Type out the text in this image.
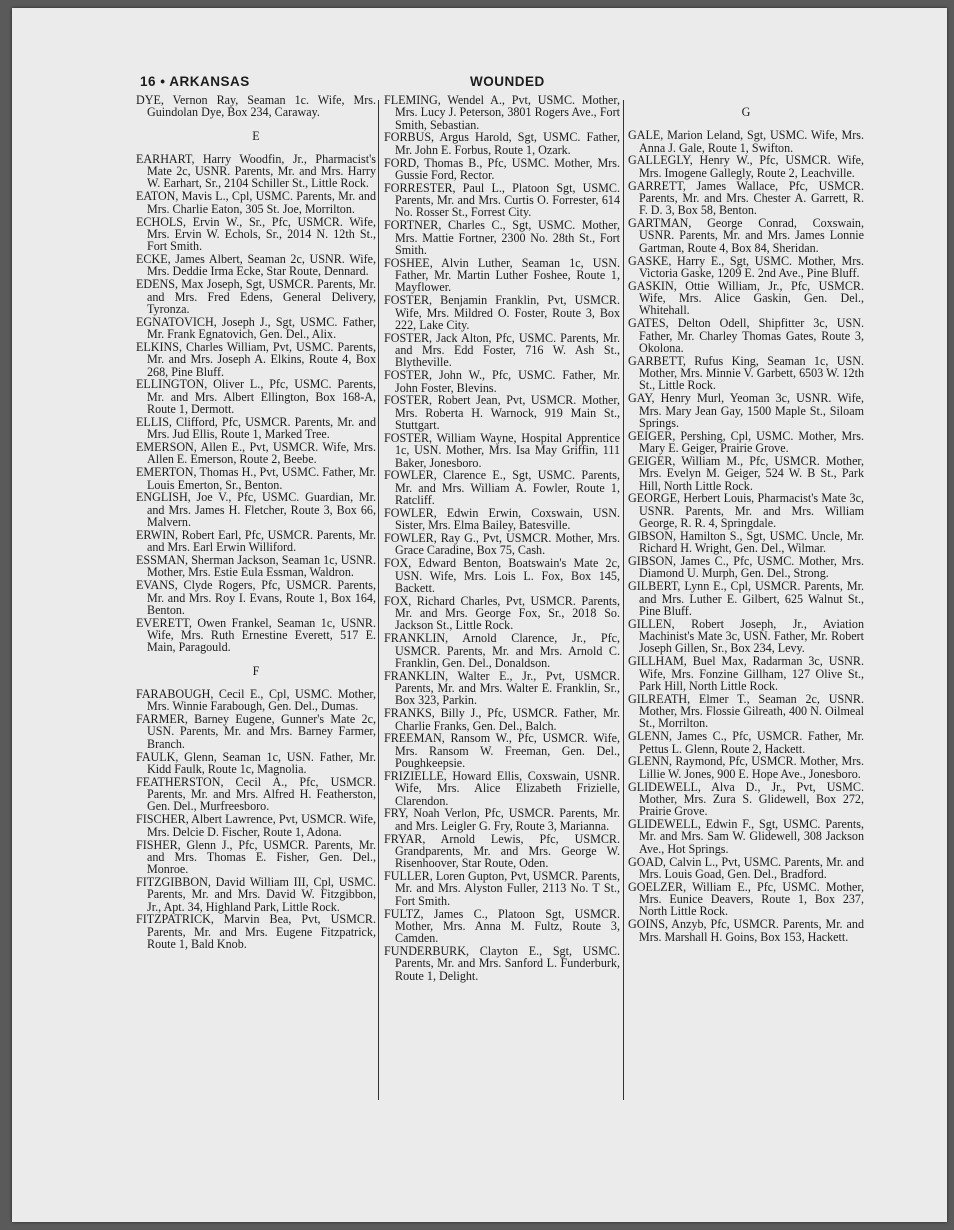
16 • ARKANSAS	WOUNDED
DYE, Vernon Ray, Seaman 1c. Wife, Mrs. Guindolan Dye, Box 234, Caraway.
E
EARHART, Harry Woodfin, Jr., Pharmacist's Mate 2c, USNR. Parents, Mr. and Mrs. Harry W. Earhart, Sr., 2104 Schiller St., Little Rock.
EATON, Mavis L., Cpl, USMC. Parents, Mr. and Mrs. Charlie Eaton, 305 St. Joe, Morrilton.
ECHOLS, Ervin W., Sr., Pfc, USMCR. Wife, Mrs. Ervin W. Echols, Sr., 2014 N. 12th St., Fort Smith.
ECKE, James Albert, Seaman 2c, USNR. Wife, Mrs. Deddie Irma Ecke, Star Route, Dennard.
EDENS, Max Joseph, Sgt, USMCR. Parents, Mr. and Mrs. Fred Edens, General Delivery, Tyronza.
EGNATOVICH, Joseph J., Sgt, USMC. Father, Mr. Frank Egnatovich, Gen. Del., Alix.
ELKINS, Charles William, Pvt, USMC. Parents, Mr. and Mrs. Joseph A. Elkins, Route 4, Box 268, Pine Bluff.
ELLINGTON, Oliver L., Pfc, USMC. Parents, Mr. and Mrs. Albert Ellington, Box 168-A, Route 1, Dermott.
ELLIS, Clifford, Pfc, USMCR. Parents, Mr. and Mrs. Jud Ellis, Route 1, Marked Tree.
EMERSON, Allen E., Pvt, USMCR. Wife, Mrs. Allen E. Emerson, Route 2, Beebe.
EMERTON, Thomas H., Pvt, USMC. Father, Mr. Louis Emerton, Sr., Benton.
ENGLISH, Joe V., Pfc, USMC. Guardian, Mr. and Mrs. James H. Fletcher, Route 3, Box 66, Malvern.
ERWIN, Robert Earl, Pfc, USMCR. Parents, Mr. and Mrs. Earl Erwin Williford.
ESSMAN, Sherman Jackson, Seaman 1c, USNR. Mother, Mrs. Estie Eula Essman, Waldron.
EVANS, Clyde Rogers, Pfc, USMCR. Parents, Mr. and Mrs. Roy I. Evans, Route 1, Box 164, Benton.
EVERETT, Owen Frankel, Seaman 1c, USNR. Wife, Mrs. Ruth Ernestine Everett, 517 E. Main, Paragould.
F
FARABOUGH, Cecil E., Cpl, USMC. Mother, Mrs. Winnie Farabough, Gen. Del., Dumas.
FARMER, Barney Eugene, Gunner's Mate 2c, USN. Parents, Mr. and Mrs. Barney Farmer, Branch.
FAULK, Glenn, Seaman 1c, USN. Father, Mr. Kidd Faulk, Route 1c, Magnolia.
FEATHERSTON, Cecil A., Pfc, USMCR. Parents, Mr. and Mrs. Alfred H. Featherston, Gen. Del., Murfreesboro.
FISCHER, Albert Lawrence, Pvt, USMCR. Wife, Mrs. Delcie D. Fischer, Route 1, Adona.
FISHER, Glenn J., Pfc, USMCR. Parents, Mr. and Mrs. Thomas E. Fisher, Gen. Del., Monroe.
FITZGIBBON, David William III, Cpl, USMC. Parents, Mr. and Mrs. David W. Fitzgibbon, Jr., Apt. 34, Highland Park, Little Rock.
FITZPATRICK, Marvin Bea, Pvt, USMCR. Parents, Mr. and Mrs. Eugene Fitzpatrick, Route 1, Bald Knob.
FLEMING, Wendel A., Pvt, USMC. Mother, Mrs. Lucy J. Peterson, 3801 Rogers Ave., Fort Smith, Sebastian.
FORBUS, Argus Harold, Sgt, USMC. Father, Mr. John E. Forbus, Route 1, Ozark.
FORD, Thomas B., Pfc, USMC. Mother, Mrs. Gussie Ford, Rector.
FORRESTER, Paul L., Platoon Sgt, USMC. Parents, Mr. and Mrs. Curtis O. Forrester, 614 No. Rosser St., Forrest City.
FORTNER, Charles C., Sgt, USMC. Mother, Mrs. Mattie Fortner, 2300 No. 28th St., Fort Smith.
FOSHEE, Alvin Luther, Seaman 1c, USN. Father, Mr. Martin Luther Foshee, Route 1, Mayflower.
FOSTER, Benjamin Franklin, Pvt, USMCR. Wife, Mrs. Mildred O. Foster, Route 3, Box 222, Lake City.
FOSTER, Jack Alton, Pfc, USMC. Parents, Mr. and Mrs. Edd Foster, 716 W. Ash St., Blytheville.
FOSTER, John W., Pfc, USMC. Father, Mr. John Foster, Blevins.
FOSTER, Robert Jean, Pvt, USMCR. Mother, Mrs. Roberta H. Warnock, 919 Main St., Stuttgart.
FOSTER, William Wayne, Hospital Apprentice 1c, USN. Mother, Mrs. Isa May Griffin, 111 Baker, Jonesboro.
FOWLER, Clarence E., Sgt, USMC. Parents, Mr. and Mrs. William A. Fowler, Route 1, Ratcliff.
FOWLER, Edwin Erwin, Coxswain, USN. Sister, Mrs. Elma Bailey, Batesville.
FOWLER, Ray G., Pvt, USMCR. Mother, Mrs. Grace Caradine, Box 75, Cash.
FOX, Edward Benton, Boatswain's Mate 2c, USN. Wife, Mrs. Lois L. Fox, Box 145, Backett.
FOX, Richard Charles, Pvt, USMCR. Parents, Mr. and Mrs. George Fox, Sr., 2018 So. Jackson St., Little Rock.
FRANKLIN, Arnold Clarence, Jr., Pfc, USMCR. Parents, Mr. and Mrs. Arnold C. Franklin, Gen. Del., Donaldson.
FRANKLIN, Walter E., Jr., Pvt, USMCR. Parents, Mr. and Mrs. Walter E. Franklin, Sr., Box 323, Parkin.
FRANKS, Billy J., Pfc, USMCR. Father, Mr. Charlie Franks, Gen. Del., Balch.
FREEMAN, Ransom W., Pfc, USMCR. Wife, Mrs. Ransom W. Freeman, Gen. Del., Poughkeepsie.
FRIZIELLE, Howard Ellis, Coxswain, USNR. Wife, Mrs. Alice Elizabeth Frizielle, Clarendon.
FRY, Noah Verlon, Pfc, USMCR. Parents, Mr. and Mrs. Leigler G. Fry, Route 3, Marianna.
FRYAR, Arnold Lewis, Pfc, USMCR. Grandparents, Mr. and Mrs. George W. Risenhoover, Star Route, Oden.
FULLER, Loren Gupton, Pvt, USMCR. Parents, Mr. and Mrs. Alyston Fuller, 2113 No. T St., Fort Smith.
FULTZ, James C., Platoon Sgt, USMCR. Mother, Mrs. Anna M. Fultz, Route 3, Camden.
FUNDERBURK, Clayton E., Sgt, USMC. Parents, Mr. and Mrs. Sanford L. Funderburk, Route 1, Delight.
G
GALE, Marion Leland, Sgt, USMC. Wife, Mrs. Anna J. Gale, Route 1, Swifton.
GALLEGLY, Henry W., Pfc, USMCR. Wife, Mrs. Imogene Gallegly, Route 2, Leachville.
GARRETT, James Wallace, Pfc, USMCR. Parents, Mr. and Mrs. Chester A. Garrett, R. F. D. 3, Box 58, Benton.
GARTMAN, George Conrad, Coxswain, USNR. Parents, Mr. and Mrs. James Lonnie Gartman, Route 4, Box 84, Sheridan.
GASKE, Harry E., Sgt, USMC. Mother, Mrs. Victoria Gaske, 1209 E. 2nd Ave., Pine Bluff.
GASKIN, Ottie William, Jr., Pfc, USMCR. Wife, Mrs. Alice Gaskin, Gen. Del., Whitehall.
GATES, Delton Odell, Shipfitter 3c, USN. Father, Mr. Charley Thomas Gates, Route 3, Okolona.
GARBETT, Rufus King, Seaman 1c, USN. Mother, Mrs. Minnie V. Garbett, 6503 W. 12th St., Little Rock.
GAY, Henry Murl, Yeoman 3c, USNR. Wife, Mrs. Mary Jean Gay, 1500 Maple St., Siloam Springs.
GEIGER, Pershing, Cpl, USMC. Mother, Mrs. Mary E. Geiger, Prairie Grove.
GEIGER, William M., Pfc, USMCR. Mother, Mrs. Evelyn M. Geiger, 524 W. B St., Park Hill, North Little Rock.
GEORGE, Herbert Louis, Pharmacist's Mate 3c, USNR. Parents, Mr. and Mrs. William George, R. R. 4, Springdale.
GIBSON, Hamilton S., Sgt, USMC. Uncle, Mr. Richard H. Wright, Gen. Del., Wilmar.
GIBSON, James C., Pfc, USMC. Mother, Mrs. Diamond U. Murph, Gen. Del., Strong.
GILBERT, Lynn E., Cpl, USMCR. Parents, Mr. and Mrs. Luther E. Gilbert, 625 Walnut St., Pine Bluff.
GILLEN, Robert Joseph, Jr., Aviation Machinist's Mate 3c, USN. Father, Mr. Robert Joseph Gillen, Sr., Box 234, Levy.
GILLHAM, Buel Max, Radarman 3c, USNR. Wife, Mrs. Fonzine Gillham, 127 Olive St., Park Hill, North Little Rock.
GILREATH, Elmer T., Seaman 2c, USNR. Mother, Mrs. Flossie Gilreath, 400 N. Oilmeal St., Morrilton.
GLENN, James C., Pfc, USMCR. Father, Mr. Pettus L. Glenn, Route 2, Hackett.
GLENN, Raymond, Pfc, USMCR. Mother, Mrs. Lillie W. Jones, 900 E. Hope Ave., Jonesboro.
GLIDEWELL, Alva D., Jr., Pvt, USMC. Mother, Mrs. Zura S. Glidewell, Box 272, Prairie Grove.
GLIDEWELL, Edwin F., Sgt, USMC. Parents, Mr. and Mrs. Sam W. Glidewell, 308 Jackson Ave., Hot Springs.
GOAD, Calvin L., Pvt, USMC. Parents, Mr. and Mrs. Louis Goad, Gen. Del., Bradford.
GOELZER, William E., Pfc, USMC. Mother, Mrs. Eunice Deavers, Route 1, Box 237, North Little Rock.
GOINS, Anzyb, Pfc, USMCR. Parents, Mr. and Mrs. Marshall H. Goins, Box 153, Hackett.
